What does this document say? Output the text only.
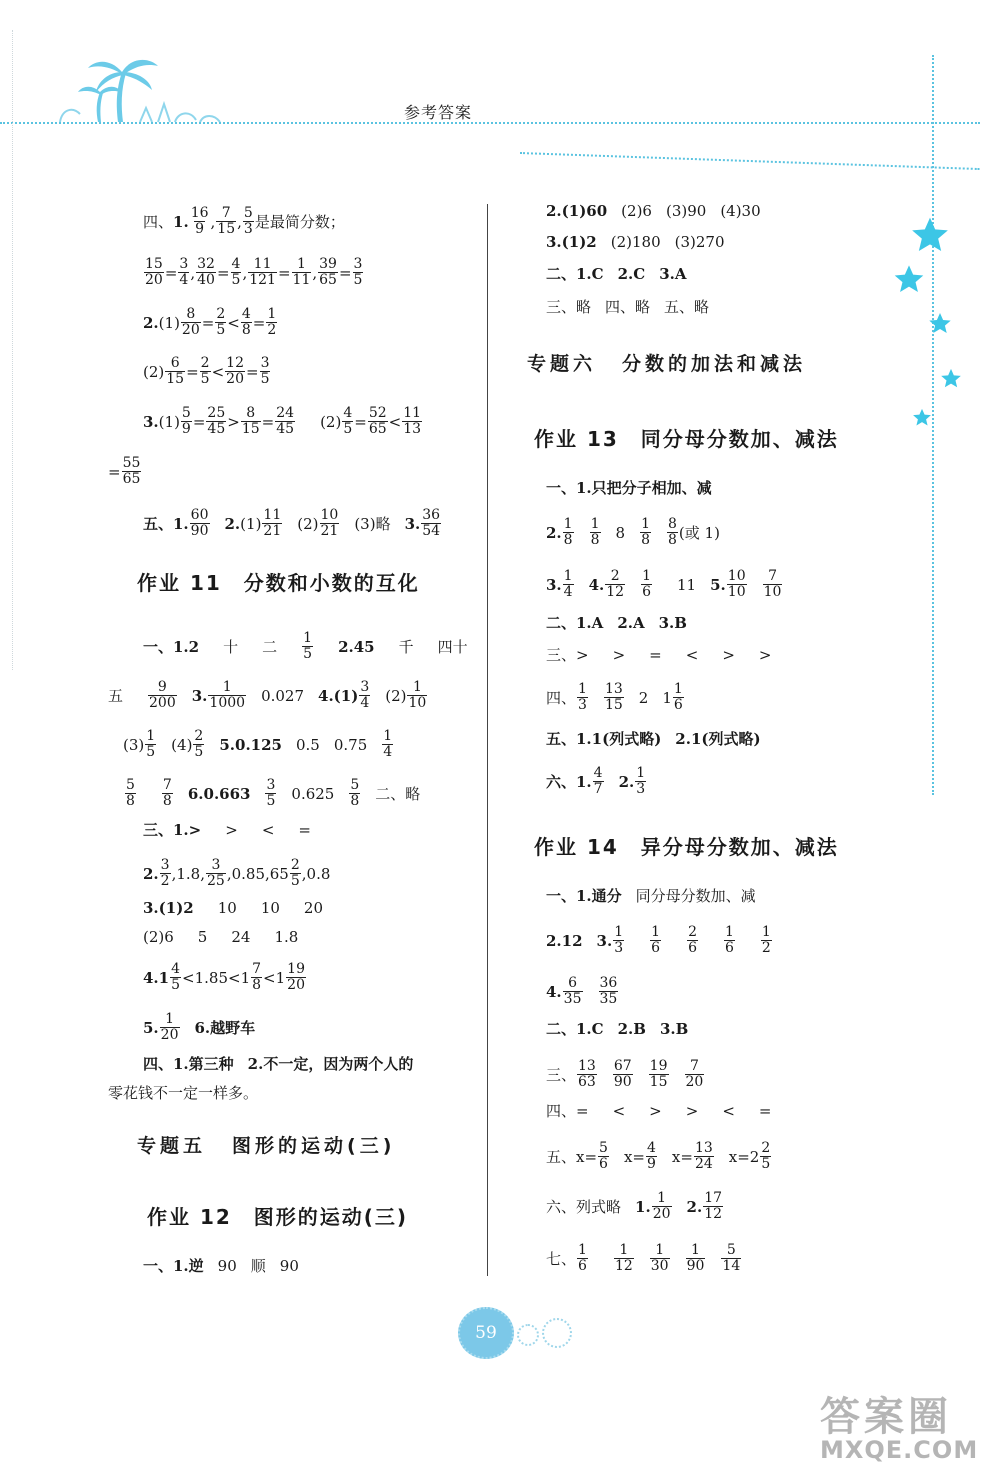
参考答案
四、 1. 16
9 , 7
15 , 5
3 是最简分数；
15
20 = 3
4 , 32
40 = 4
5 , 11
121 = 1
11 , 39
65 = 3
5
2. (1) 8
20 = 2
5 < 4
8 = 1
2
(2) 6
15 = 2
5 < 12
20 = 3
5
3. (1) 5
9 = 25
45 > 8
15 = 24
45 (2) 4
5 = 52
65 < 11
13
= 55
65
五、1. 60
90 2. (1) 11
21 (2) 10
21 (3)略 3. 36
54
作业 11 分数和小数的互化
一、1.2 十 二 1
5 2.45 千 四十
五 9
200 3. 1
1000 0.027 4.(1) 3
4 (2) 1
10
(3) 1
5 (4) 2
5 5.0.125 0.5 0.75 1
4
5
8
7
8 6.0.663 3
5 0.625 5
8 二、略
三、1.> > < =
2. 3
2 ,1.8, 3
25 ,0.85,65 2
5 ,0.8
3.(1)2 10 10 20
(2)6 5 24 1.8
4.1 4
5 <1.85<1 7
8 <1 19
20
5. 1
20 6.越野车
四、1.第三种 2.不一定，因为两个人的
零花钱不一定一样多。
专题五 图形的运动(三)
作业 12 图形的运动(三)
一、1.逆 90 顺 90
2.(1)60 (2)6 (3)90 (4)30
3.(1)2 (2)180 (3)270
二、1.C 2.C 3.A
三、略 四、略 五、略
专题六 分数的加法和减法
作业 13 同分母分数加、减法
一、1.只把分子相加、减
2. 1
8
1
8 8 1
8
8
8 (或 1)
3. 1
4 4. 2
12
1
6 11 5. 10
10
7
10
二、1.A 2.A 3.B
三、> > = < > >
四、 1
3
13
15 2 1 1
6
五、1.1(列式略) 2.1(列式略)
六、1. 4
7 2. 1
3
作业 14 异分母分数加、减法
一、1.通分 同分母分数加、减
2.12 3. 1
3
1
6
2
6
1
6
1
2
4. 6
35
36
35
二、1.C 2.B 3.B
三、 13
63
67
90
19
15
7
20
四、= < > > < =
五、$x= \frac{5}{6} x= \frac{4}{9} x= \frac{13}{24} x=2$ 2
5
六、列式略 1. 1
20 2. 17
12
七、 1
6
1
12
1
30
1
90
5
14
59
答案圈
MXQE.COM
